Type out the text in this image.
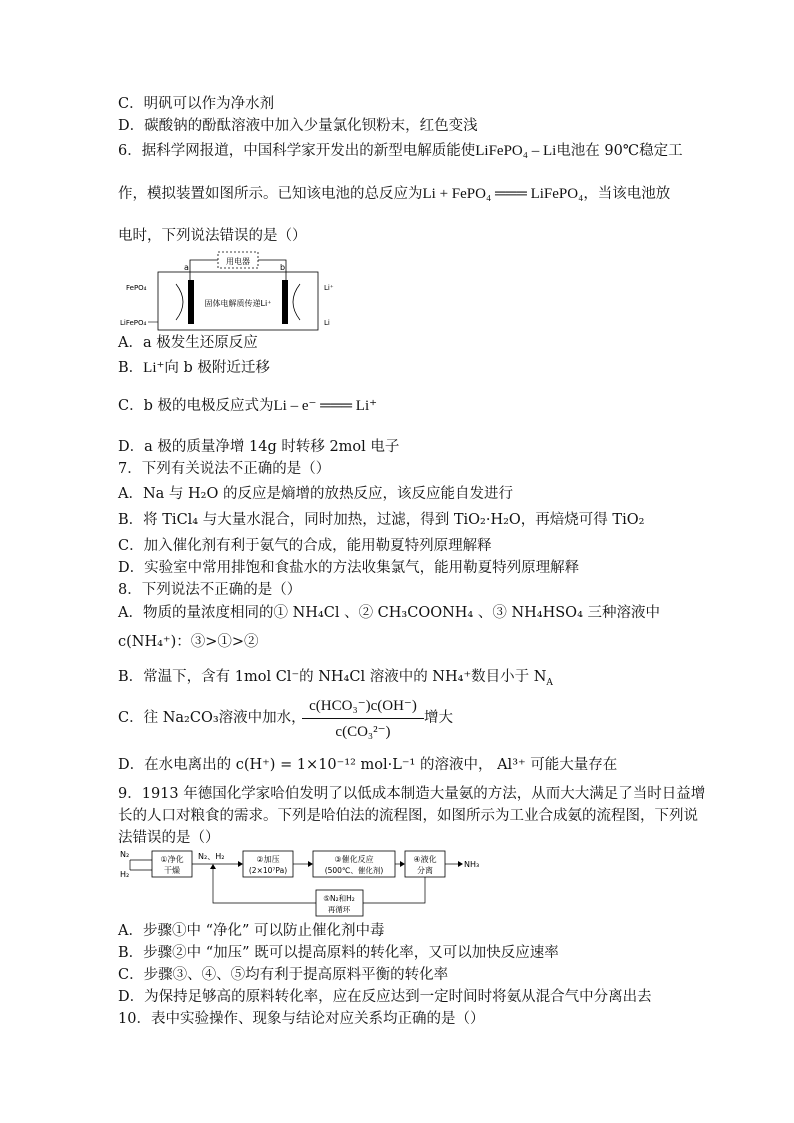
C．明矾可以作为净水剂
D．碳酸钠的酚酞溶液中加入少量氯化钡粉末，红色变浅
6．据科学网报道，中国科学家开发出的新型电解质能使LiFePO₄ – Li电池在 90℃稳定工
作，模拟装置如图所示。已知该电池的总反应为Li + FePO₄ ═══ LiFePO₄，当该电池放
电时，下列说法错误的是（）
用电器
a	b
固体电解质传递Li⁺
FePO₄
LiFePO₄
Li⁺
Li
A．a 极发生还原反应
B．Li⁺向 b 极附近迁移
C．b 极的电极反应式为Li – e⁻ ═══ Li⁺
D．a 极的质量净增 14g 时转移 2mol 电子
7．下列有关说法不正确的是（）
A．Na 与 H₂O 的反应是熵增的放热反应，该反应能自发进行
B．将 TiCl₄ 与大量水混合，同时加热，过滤，得到 TiO₂·H₂O，再焙烧可得 TiO₂
C．加入催化剂有利于氨气的合成，能用勒夏特列原理解释
D．实验室中常用排饱和食盐水的方法收集氯气，能用勒夏特列原理解释
8．下列说法不正确的是（）
A．物质的量浓度相同的① NH₄Cl 、② CH₃COONH₄ 、③ NH₄HSO₄ 三种溶液中
c(NH₄⁺)：③>①>②
B．常温下，含有 1mol Cl⁻的 NH₄Cl 溶液中的 NH₄⁺数目小于 $N_A$
C．往 Na₂CO₃溶液中加水，
c(HCO₃⁻)c(OH⁻)
c(CO₃²⁻)
增大
D．在水电离出的 c(H⁺) = 1×10⁻¹² mol·L⁻¹ 的溶液中， Al³⁺ 可能大量存在
9．1913 年德国化学家哈伯发明了以低成本制造大量氨的方法，从而大大满足了当时日益增
长的人口对粮食的需求。下列是哈伯法的流程图，如图所示为工业合成氨的流程图，下列说
法错误的是（）
N₂
H₂
①净化
干燥
N₂、H₂	②加压
(2×10⁷Pa)
③催化反应
(500℃、催化剂)
④液化
分离
NH₃
⑤N₂和H₂
再循环
A．步骤①中 “净化” 可以防止催化剂中毒
B．步骤②中 “加压” 既可以提高原料的转化率，又可以加快反应速率
C．步骤③、④、⑤均有利于提高原料平衡的转化率
D．为保持足够高的原料转化率，应在反应达到一定时间时将氨从混合气中分离出去
10．表中实验操作、现象与结论对应关系均正确的是（）
